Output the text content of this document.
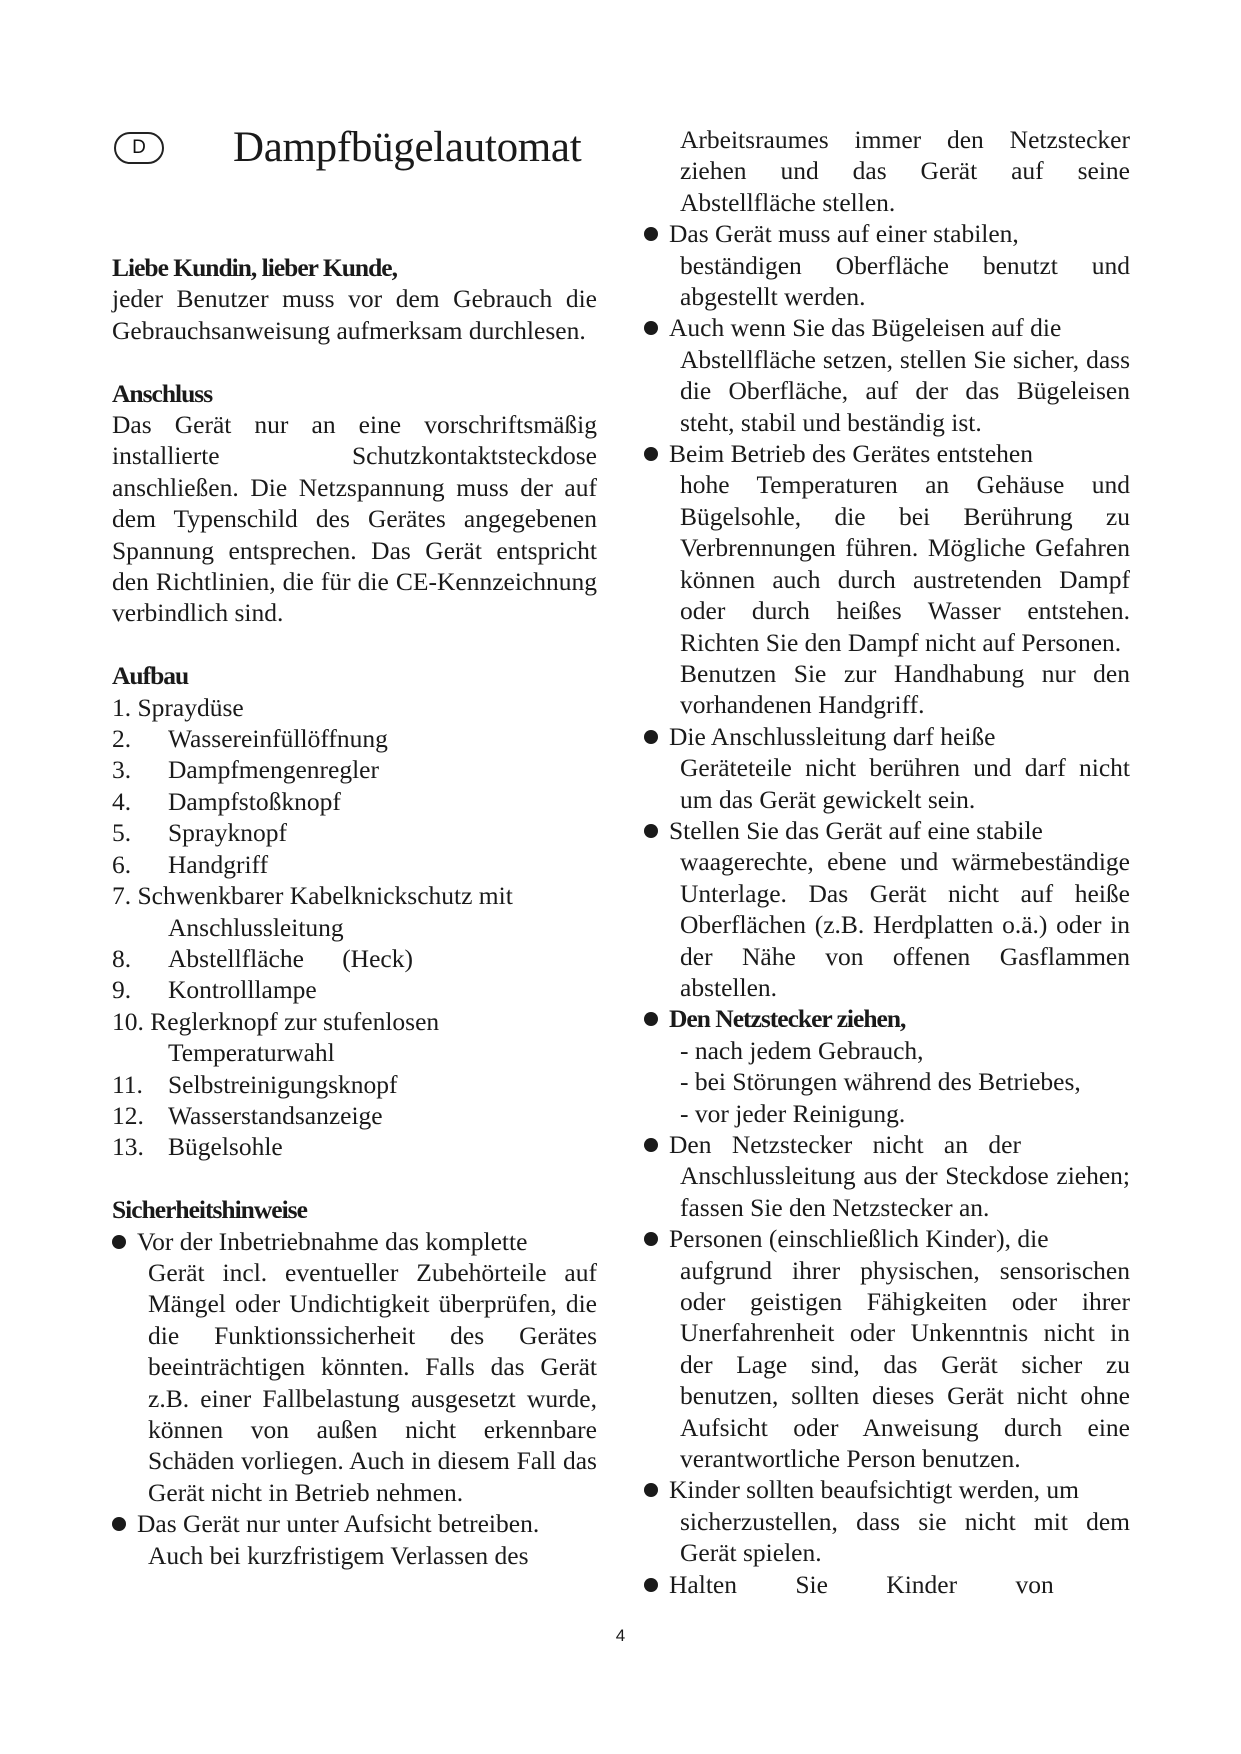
D	Dampfbügelautomat

Liebe Kundin, lieber Kunde,

jeder Benutzer muss vor dem Gebrauch die Gebrauchsanweisung aufmerksam durchlesen.

Anschluss

Das Gerät nur an eine vorschriftsmäßig installierte Schutzkontaktsteckdose anschließen. Die Netzspannung muss der auf dem Typenschild des Gerätes angegebenen Spannung entsprechen. Das Gerät entspricht den Richtlinien, die für die CE-Kennzeichnung verbindlich sind.

Aufbau

1. Spraydüse
2.	Wassereinfüllöffnung
3.	Dampfmengenregler
4.	Dampfstoßknopf
5.	Sprayknopf
6.	Handgriff
7. Schwenkbarer Kabelknickschutz mit
Anschlussleitung
8.	Abstellfläche      (Heck)
9.	Kontrolllampe
10. Reglerknopf zur stufenlosen
Temperaturwahl
11. Selbstreinigungsknopf
12. Wasserstandsanzeige
13. Bügelsohle

Sicherheitshinweise

Vor der Inbetriebnahme das komplette
Gerät incl. eventueller Zubehörteile auf Mängel oder Undichtigkeit überprüfen, die die Funktionssicherheit des Gerätes beeinträchtigen könnten. Falls das Gerät z.B. einer Fallbelastung ausgesetzt wurde, können von außen nicht erkennbare Schäden vorliegen. Auch in diesem Fall das Gerät nicht in Betrieb nehmen.
Das Gerät nur unter Aufsicht betreiben.
Auch bei kurzfristigem Verlassen des

Arbeitsraumes immer den Netzstecker ziehen und das Gerät auf seine Abstellfläche stellen.

Das Gerät muss auf einer stabilen,
beständigen Oberfläche benutzt und abgestellt werden.
Auch wenn Sie das Bügeleisen auf die
Abstellfläche setzen, stellen Sie sicher, dass die Oberfläche, auf der das Bügeleisen steht, stabil und beständig ist.
Beim Betrieb des Gerätes entstehen
hohe Temperaturen an Gehäuse und Bügelsohle, die bei Berührung zu Verbrennungen führen. Mögliche Gefahren können auch durch austretenden Dampf oder durch heißes Wasser entstehen. Richten Sie den Dampf nicht auf Personen.
Benutzen Sie zur Handhabung nur den vorhandenen Handgriff.
Die Anschlussleitung darf heiße
Geräteteile nicht berühren und darf nicht um das Gerät gewickelt sein.
Stellen Sie das Gerät auf eine stabile
waagerechte, ebene und wärmebeständige Unterlage. Das Gerät nicht auf heiße Oberflächen (z.B. Herdplatten o.ä.) oder in der Nähe von offenen Gasflammen abstellen.
Den Netzstecker ziehen,
- nach jedem Gebrauch,
- bei Störungen während des Betriebes,
- vor jeder Reinigung.
Den Netzstecker nicht an der
Anschlussleitung aus der Steckdose ziehen; fassen Sie den Netzstecker an.
Personen (einschließlich Kinder), die
aufgrund ihrer physischen, sensorischen oder geistigen Fähigkeiten oder ihrer Unerfahrenheit oder Unkenntnis nicht in der Lage sind, das Gerät sicher zu benutzen, sollten dieses Gerät nicht ohne Aufsicht oder Anweisung durch eine verantwortliche Person benutzen.
Kinder sollten beaufsichtigt werden, um
sicherzustellen, dass sie nicht mit dem Gerät spielen.
Halten Sie Kinder von
4
